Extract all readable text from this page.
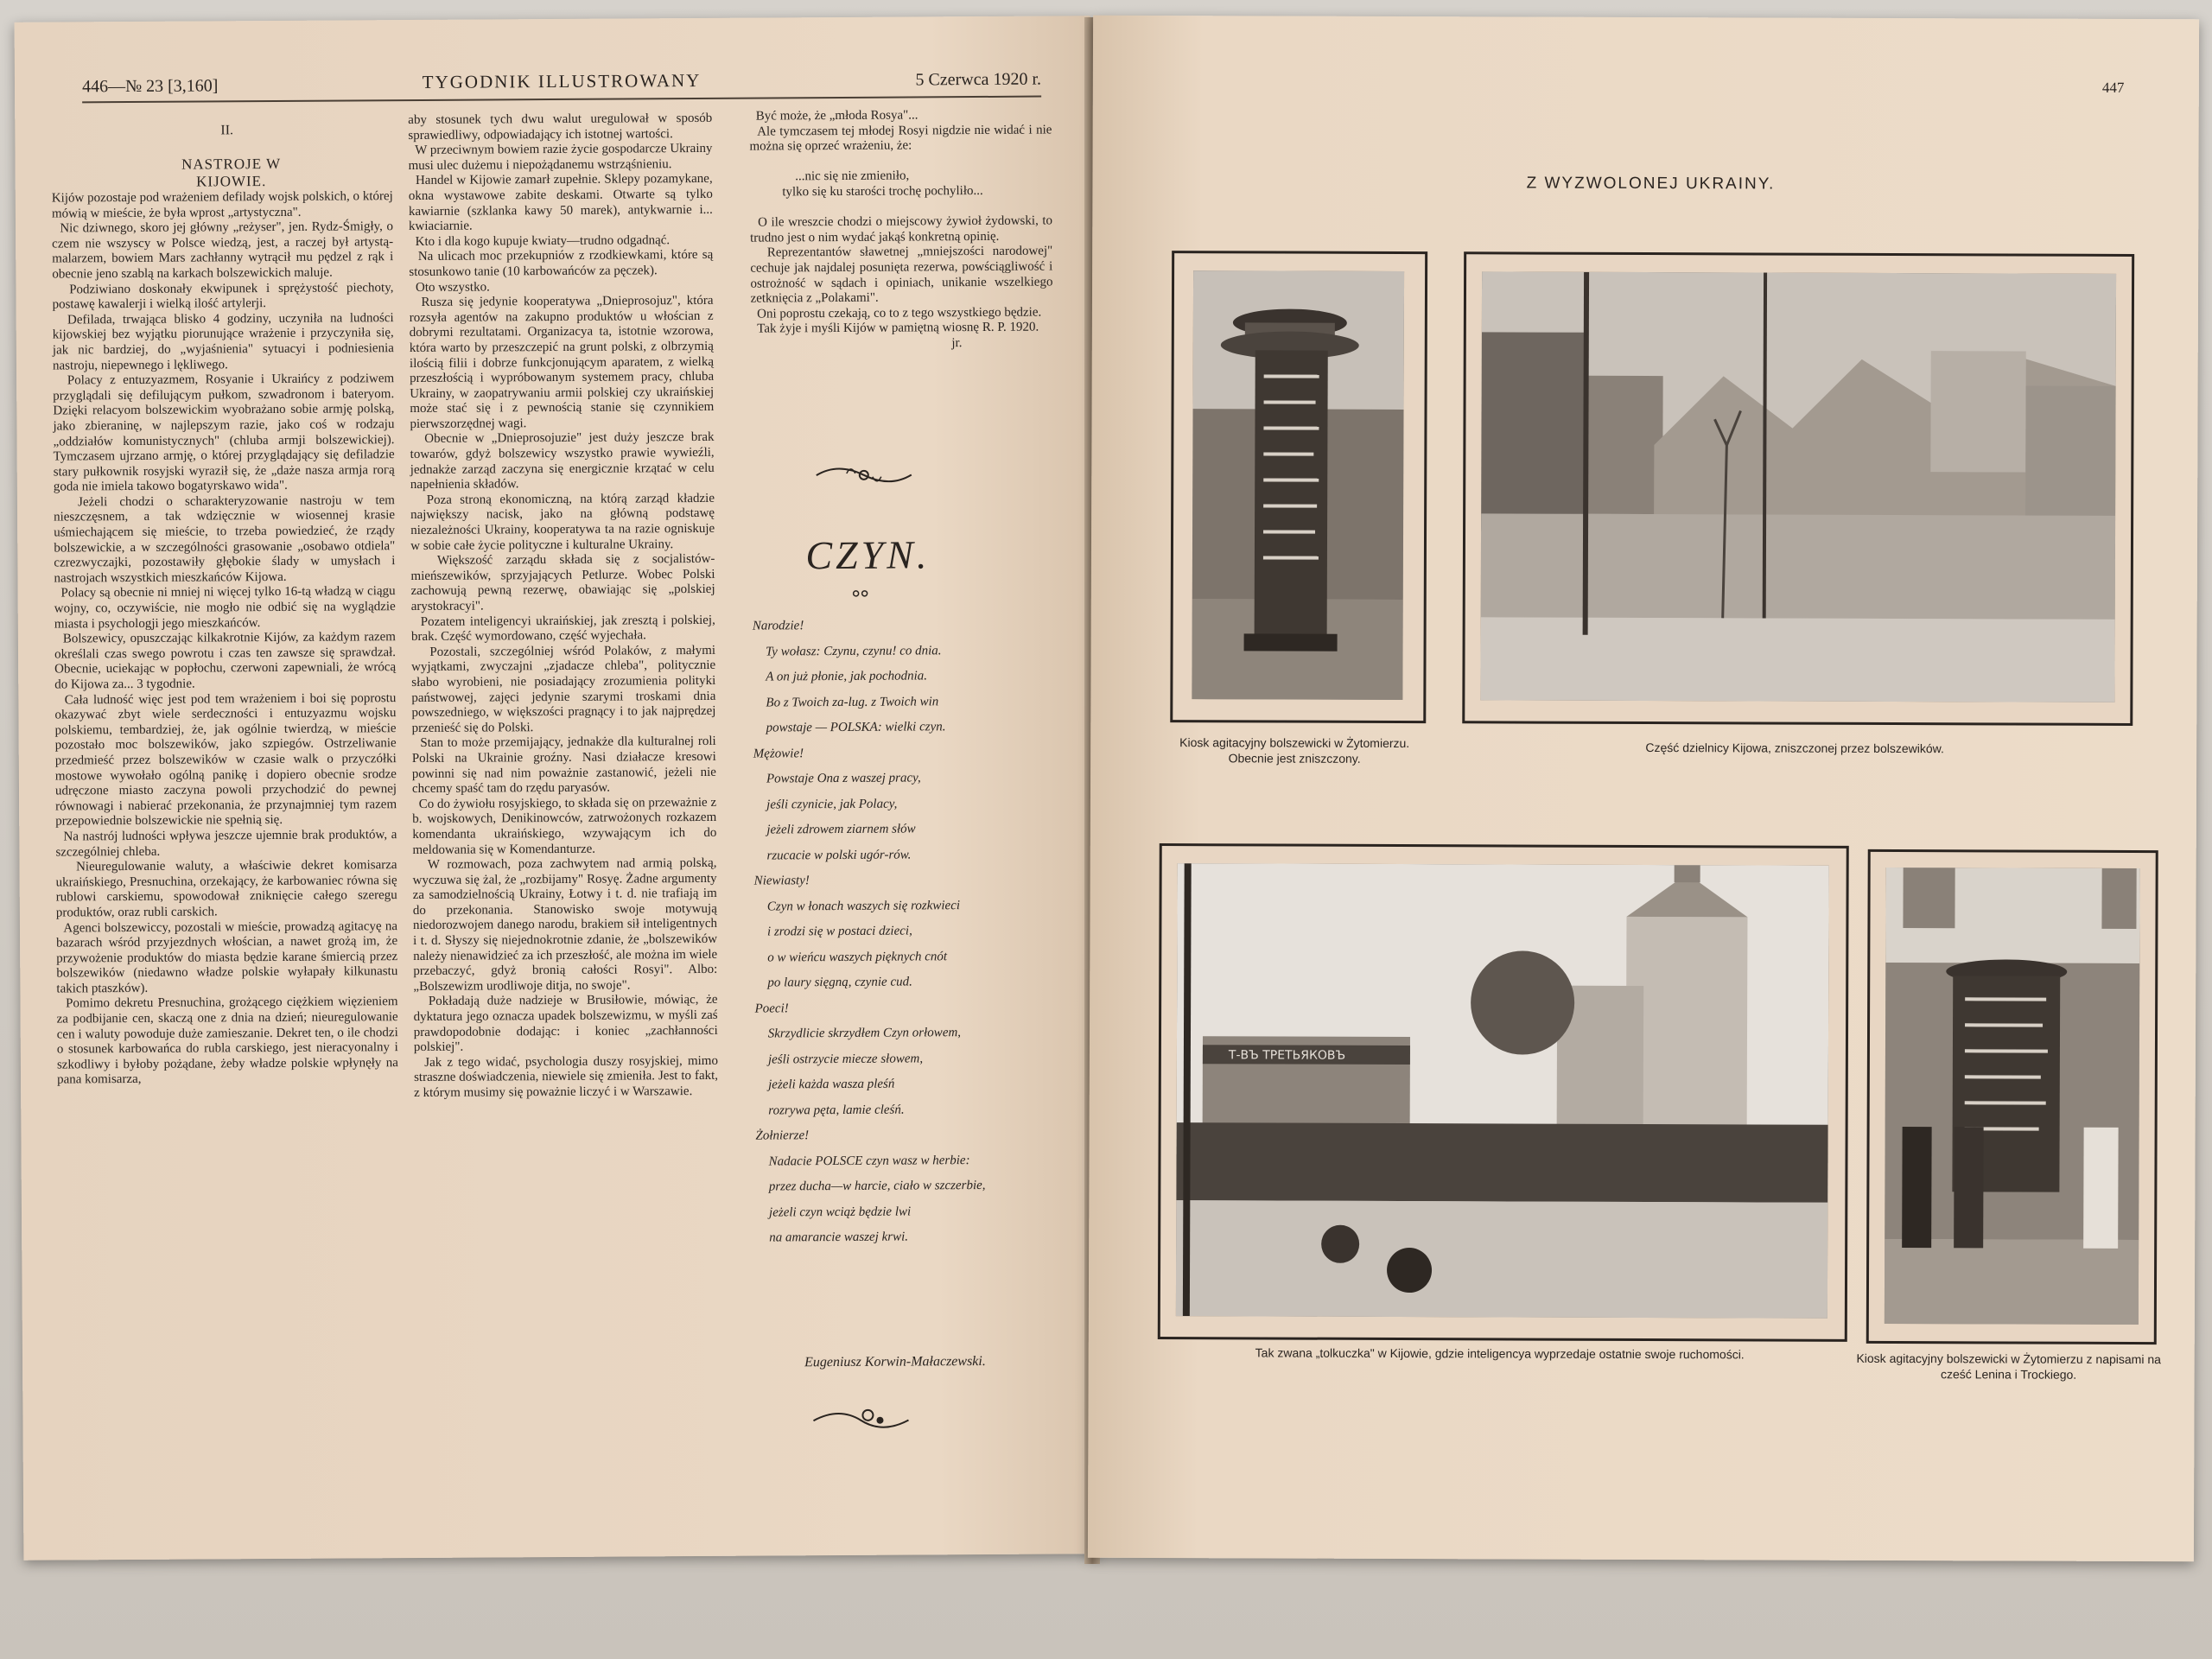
446—№ 23 [3,160]	TYGODNIK ILLUSTROWANY	5 Czerwca 1920 r.
II.
NASTROJE W KIJOWIE.
Kijów pozostaje pod wrażeniem defilady wojsk polskich, o której mówią w mieście, że była wprost „artystyczna".
Nic dziwnego, skoro jej główny „reżyser", jen. Rydz-Śmigły, o czem nie wszyscy w Polsce wiedzą, jest, a raczej był artystą-malarzem, bowiem Mars zachłanny wytrącił mu pędzel z rąk i obecnie jeno szablą na karkach bolszewickich maluje.
Podziwiano doskonały ekwipunek i sprężystość piechoty, postawę kawalerji i wielką ilość artylerji.
Defilada, trwająca blisko 4 godziny, uczyniła na ludności kijowskiej bez wyjątku piorunujące wrażenie i przyczyniła się, jak nic bardziej, do „wyjaśnienia" sytuacyi i podniesienia nastroju, niepewnego i lękliwego.
Polacy z entuzyazmem, Rosyanie i Ukraińcy z podziwem przyglądali się defilującym pułkom, szwadronom i bateryom. Dzięki relacyom bolszewickim wyobrażano sobie armję polską, jako zbieraninę, w najlepszym razie, jako coś w rodzaju „oddziałów komunistycznych" (chluba armji bolszewickiej). Tymczasem ujrzano armję, o której przyglądający się defiladzie stary pułkownik rosyjski wyraził się, że „daże nasza armja roгą goda nie imiela takowo bogatyrskawo wida".
Jeżeli chodzi o scharakteryzowanie nastroju w tem nieszczęsnem, a tak wdzięcznie w wiosennej krasie uśmiechającem się mieście, to trzeba powiedzieć, że rządy bolszewickie, a w szczególności grasowanie „osobawo otdiela" czrezwyczajki, pozostawiły głębokie ślady w umysłach i nastrojach wszystkich mieszkańców Kijowa.
Polacy są obecnie ni mniej ni więcej tylko 16-tą władzą w ciągu wojny, co, oczywiście, nie mogło nie odbić się na wyglądzie miasta i psychologji jego mieszkańców.
Bolszewicy, opuszczając kilkakrotnie Kijów, za każdym razem określali czas swego powrotu i czas ten zawsze się sprawdzał. Obecnie, uciekając w popłochu, czerwoni zapewniali, że wrócą do Kijowa za... 3 tygodnie.
Cała ludność więc jest pod tem wrażeniem i boi się poprostu okazywać zbyt wiele serdeczności i entuzyazmu wojsku polskiemu, tembardziej, że, jak ogólnie twierdzą, w mieście pozostało moc bolszewików, jako szpiegów. Ostrzeliwanie przedmieść przez bolszewików w czasie walk o przyczółki mostowe wywołało ogólną panikę i dopiero obecnie srodze udręczone miasto zaczyna powoli przychodzić do pewnej równowagi i nabierać przekonania, że przynajmniej tym razem przepowiednie bolszewickie nie spełnią się.
Na nastrój ludności wpływa jeszcze ujemnie brak produktów, a szczególniej chleba.
Nieuregulowanie waluty, a właściwie dekret komisarza ukraińskiego, Presnuchina, orzekający, że karbowaniec równa się rublowi carskiemu, spowodował zniknięcie całego szeregu produktów, oraz rubli carskich.
Agenci bolszewiccy, pozostali w mieście, prowadzą agitacyę na bazarach wśród przyjezdnych włościan, a nawet grożą im, że przywożenie produktów do miasta będzie karane śmiercią przez bolszewików (niedawno władze polskie wyłapały kilkunastu takich ptaszków).
Pomimo dekretu Presnuchina, grożącego ciężkiem więzieniem za podbijanie cen, skaczą one z dnia na dzień; nieuregulowanie cen i waluty powoduje duże zamieszanie. Dekret ten, o ile chodzi o stosunek karbowańca do rubla carskiego, jest nieracyonalny i szkodliwy i byłoby pożądane, żeby władze polskie wpłynęły na pana komisarza,
aby stosunek tych dwu walut uregulował w sposób sprawiedliwy, odpowiadający ich istotnej wartości.
W przeciwnym bowiem razie życie gospodarcze Ukrainy musi ulec dużemu i niepożądanemu wstrząśnieniu.
Handel w Kijowie zamarł zupełnie. Sklepy pozamykane, okna wystawowe zabite deskami. Otwarte są tylko kawiarnie (szklanka kawy 50 marek), antykwarnie i... kwiaciarnie.
Kto i dla kogo kupuje kwiaty—trudno odgadnąć.
Na ulicach moc przekupniów z rzodkiewkami, które są stosunkowo tanie (10 karbowańców za pęczek).
Oto wszystko.
Rusza się jedynie kooperatywa „Dnieprosojuz", która rozsyła agentów na zakupno produktów u włościan z dobrymi rezultatami. Organizacya ta, istotnie wzorowa, która warto by przeszczepić na grunt polski, z olbrzymią ilością filii i dobrze funkcjonującym aparatem, z wielką przeszłością i wypróbowanym systemem pracy, chluba Ukrainy, w zaopatrywaniu armii polskiej czy ukraińskiej może stać się i z pewnością stanie się czynnikiem pierwszorzędnej wagi.
Obecnie w „Dnieprosojuzie" jest duży jeszcze brak towarów, gdyż bolszewicy wszystko prawie wywieźli, jednakże zarząd zaczyna się energicznie krzątać w celu napełnienia składów.
Poza stroną ekonomiczną, na którą zarząd kładzie największy nacisk, jako na główną podstawę niezależności Ukrainy, kooperatywa ta na razie ogniskuje w sobie całe życie polityczne i kulturalne Ukrainy.
Większość zarządu składa się z socjalistów-mieńszewików, sprzyjających Petlurze. Wobec Polski zachowują pewną rezerwę, obawiając się „polskiej arystokracyi".
Pozatem inteligencyi ukraińskiej, jak zresztą i polskiej, brak. Część wymordowano, część wyjechała.
Pozostali, szczególniej wśród Polaków, z małymi wyjątkami, zwyczajni „zjadacze chleba", politycznie słabo wyrobieni, nie posiadający zrozumienia polityki państwowej, zajęci jedynie szarymi troskami dnia powszedniego, w większości pragnący i to jak najprędzej przenieść się do Polski.
Stan to może przemijający, jednakże dla kulturalnej roli Polski na Ukrainie groźny. Nasi działacze kresowi powinni się nad nim poważnie zastanowić, jeżeli nie chcemy spaść tam do rzędu paryasów.
Co do żywiołu rosyjskiego, to składa się on przeważnie z b. wojskowych, Denikinowców, zatrwożonych rozkazem komendanta ukraińskiego, wzywającym ich do meldowania się w Komendanturze.
W rozmowach, poza zachwytem nad armią polską, wyczuwa się żal, że „rozbijamy" Rosyę. Żadne argumenty za samodzielnością Ukrainy, Łotwy i t. d. nie trafiają im do przekonania. Stanowisko swoje motywują niedorozwojem danego narodu, brakiem sił inteligentnych i t. d. Słyszy się niejednokrotnie zdanie, że „bolszewików należy nienawidzieć za ich przeszłość, ale można im wiele przebaczyć, gdyż bronią całości Rosyi". Albo: „Bolszewizm urodliwoje ditja, no swoje".
Pokładają duże nadzieje w Brusiłowie, mówiąc, że dyktatura jego oznacza upadek bolszewizmu, w myśli zaś prawdopodobnie dodając: i koniec „zachłanności polskiej".
Jak z tego widać, psychologia duszy rosyjskiej, mimo straszne doświadczenia, niewiele się zmieniła. Jest to fakt, z którym musimy się poważnie liczyć i w Warszawie.
Być może, że „młoda Rosya"...
Ale tymczasem tej młodej Rosyi nigdzie nie widać i nie można się oprzeć wrażeniu, że:

...nic się nie zmieniło,
tylko się ku starości trochę pochyliło...

O ile wreszcie chodzi o miejscowy żywioł żydowski, to trudno jest o nim wydać jakąś konkretną opinię.
Reprezentantów sławetnej „mniejszości narodowej" cechuje jak najdalej posunięta rezerwa, powściągliwość i ostrożność w sądach i opiniach, unikanie wszelkiego zetknięcia z „Polakami".
Oni poprostu czekają, co to z tego wszystkiego będzie.
Tak żyje i myśli Kijów w pamiętną wiosnę R. P. 1920.
jr.
CZYN.
Narodzie!
Ty wołasz: Czynu, czynu! co dnia.
A on już płonie, jak pochodnia.
Bo z Twoich za-lug. z Twoich win
powstaje — POLSKA: wielki czyn.
Mężowie!
Powstaje Ona z waszej pracy,
jeśli czynicie, jak Polacy,
jeżeli zdrowem ziarnem słów
rzucacie w polski ugór-rów.
Niewiasty!
Czyn w łonach waszych się rozkwieci
i zrodzi się w postaci dzieci,
o w wieńcu waszych pięknych cnót
po laury sięgną, czynie cud.
Poeci!
Skrzydlicie skrzydłem Czyn orłowem,
jeśli ostrzycie miecze słowem,
jeżeli każda wasza pleśń
rozrywa pęta, lamie cleśń.
Żołnierze!
Nadacie POLSCE czyn wasz w herbie:
przez ducha—w harcie, ciało w szczerbie,
jeżeli czyn wciąż będzie lwi
na amarancie waszej krwi.
Eugeniusz Korwin-Małaczewski.
447
Z WYZWOLONEJ UKRAINY.
Kiosk agitacyjny bolszewicki w Żytomierzu. Obecnie jest zniszczony.
Część dzielnicy Kijowa, zniszczonej przez bolszewików.
Т-ВЪ ТРЕТЬЯКОВЪ
Tak zwana „tolkuczka" w Kijowie, gdzie inteligencya wyprzedaje ostatnie swoje ruchomości.	Kiosk agitacyjny bolszewicki w Żytomierzu z napisami na cześć Lenina i Trockiego.
